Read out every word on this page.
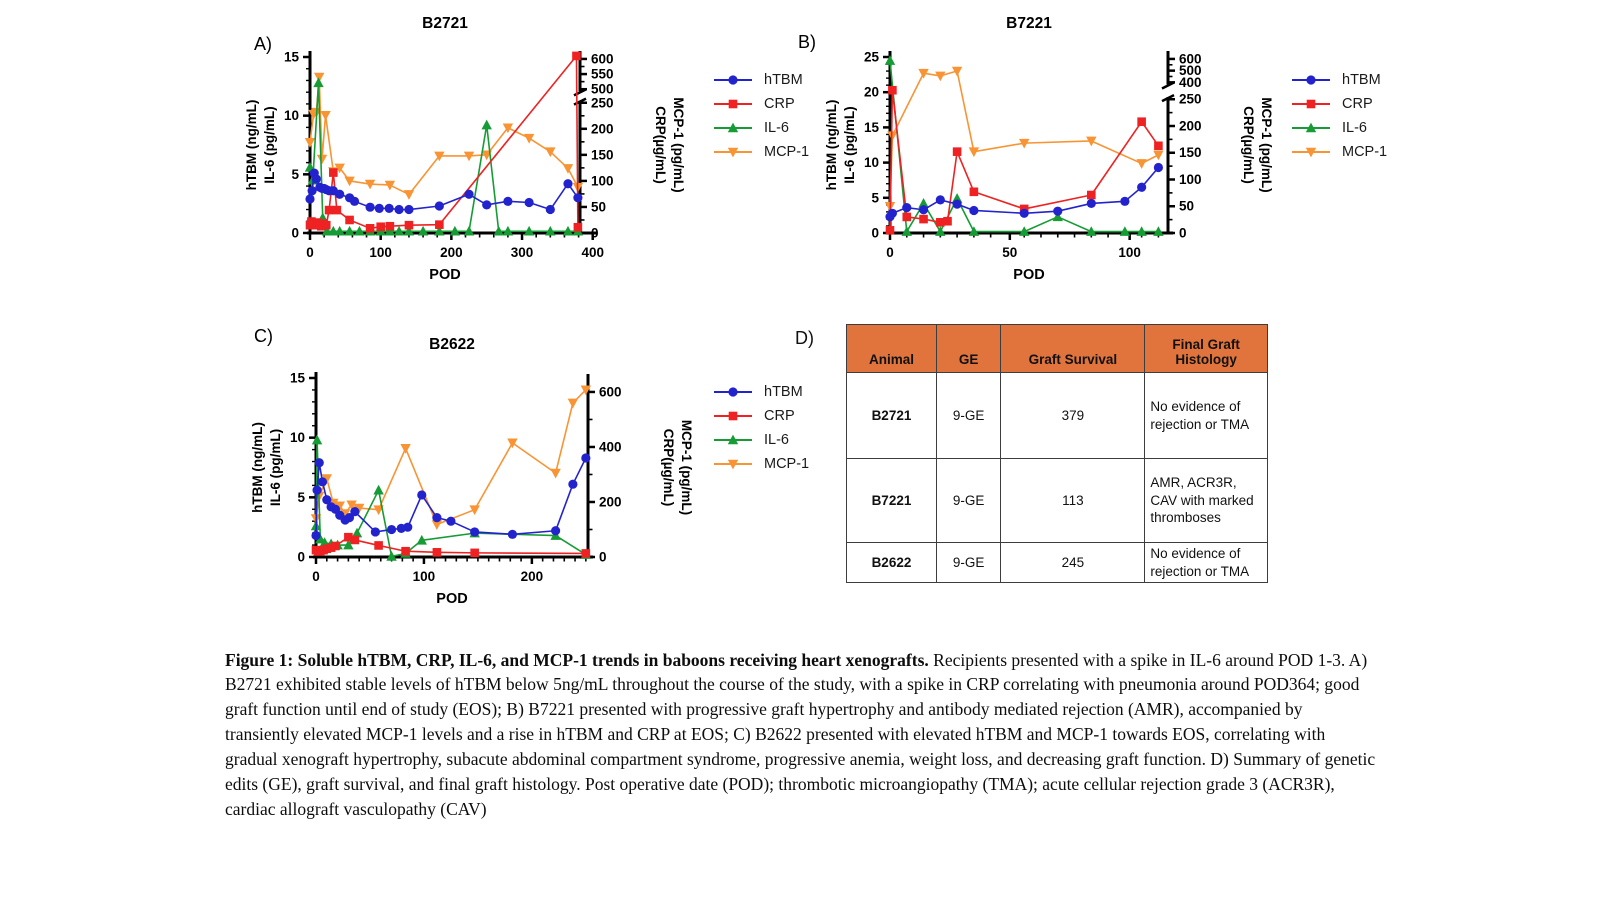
B2721
A)
hTBM (ng/mL) IL-6 (pg/mL)	CRP(µg/mL) MCP-1 (pg/mL)
POD
0
5
10
15
0	100	200	300	400
0
50
100
150
200
250
500
550
600
B7221
B)
hTBM (ng/mL) IL-6 (pg/mL)	CRP(µg/mL) MCP-1 (pg/mL)
POD
0
5
10
15
20
25
0	50	100
0
50
100
150
200
250
400
500
600
B2622
C)
hTBM (ng/mL) IL-6 (pg/mL)	CRP(µg/mL) MCP-1 (pg/mL)
POD
0
5
10
15
0	100	200
0
200
400
600
hTBM
CRP
IL-6
MCP-1
hTBM
CRP
IL-6
MCP-1
hTBM
CRP
IL-6
MCP-1
D)
Animal	GE	Graft Survival	Final Graft Histology
B2721	9-GE	379	No evidence of rejection or TMA
B7221	9-GE	113	AMR, ACR3R, CAV with marked thromboses
B2622	9-GE	245	No evidence of rejection or TMA

Figure 1: Soluble hTBM, CRP, IL-6, and MCP-1 trends in baboons receiving heart xenografts. Recipients presented with a spike in IL-6 around POD 1-3. A) B2721 exhibited stable levels of hTBM below 5ng/mL throughout the course of the study, with a spike in CRP correlating with pneumonia around POD364; good graft function until end of study (EOS); B) B7221 presented with progressive graft hypertrophy and antibody mediated rejection (AMR), accompanied by transiently elevated MCP-1 levels and a rise in hTBM and CRP at EOS; C) B2622 presented with elevated hTBM and MCP-1 towards EOS, correlating with gradual xenograft hypertrophy, subacute abdominal compartment syndrome, progressive anemia, weight loss, and decreasing graft function. D) Summary of genetic edits (GE), graft survival, and final graft histology. Post operative date (POD); thrombotic microangiopathy (TMA); acute cellular rejection grade 3 (ACR3R), cardiac allograft vasculopathy (CAV)
